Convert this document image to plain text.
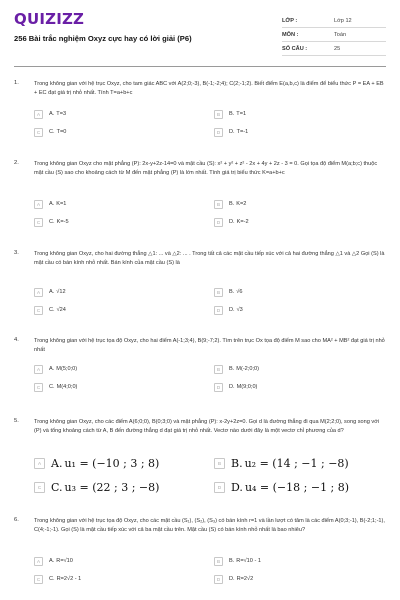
QUIZIZZ
256 Bài trắc nghiệm Oxyz cực hay có lời giải (P6)
LỚP :	Lớp 12
MÔN :	Toán
SỐ CÂU :	25
1.	Trong không gian với hệ trục Oxyz, cho tam giác ABC với A(2;0;-3), B(-1;-2;4); C(2;-1;2). Biết điểm E(a,b,c) là điểm để biểu thức P = EA + EB + EC đạt giá trị nhỏ nhất. Tính T=a+b+c
A	A. T=3	B	B. T=1
C	C. T=0	D	D. T=-1
2.	Trong không gian Oxyz cho mặt phẳng (P): 2x-y+2z-14=0 và mặt cầu (S): x² + y² + z² - 2x + 4y + 2z - 3 = 0. Gọi tọa độ điểm M(a;b;c) thuộc mặt cầu (S) sao cho khoảng cách từ M đến mặt phẳng (P) là lớn nhất. Tính giá trị biểu thức K=a+b+c
A	A. K=1	B	B. K=2
C	C. K=-5	D	D. K=-2
3.	Trong không gian Oxyz, cho hai đường thẳng △1: ... và △2: ... . Trong tất cả các mặt cầu tiếp xúc với cả hai đường thẳng △1 và △2 Gọi (S) là mặt cầu có bán kính nhỏ nhất. Bán kính của mặt cầu (S) là
A	A. √12	B	B. √6
C	C. √24	D	D. √3
4.	Trong không gian với hệ trục tọa độ Oxyz, cho hai điểm A(-1;3;4), B(9;-7;2). Tìm trên trục Ox tọa độ điểm M sao cho MA² + MB² đạt giá trị nhỏ nhất
A	A. M(5;0;0)	B	B. M(-2;0;0)
C	C. M(4;0;0)	D	D. M(9;0;0)
5.	Trong không gian Oxyz, cho các điểm A(6;0;0), B(0;3;0) và mặt phẳng (P): x-2y+2z=0. Gọi d là đường thẳng đi qua M(2;2;0), song song với (P) và tổng khoảng cách từ A, B đến đường thẳng d đạt giá trị nhỏ nhất. Vectơ nào dưới đây là một vectơ chỉ phương của d?
A A. u₁ = (−10 ; 3 ; 8)	B B. u₂ = (14 ; −1 ; −8)
C C. u₃ = (22 ; 3 ; −8)	D D. u₄ = (−18 ; −1 ; 8)
6.	Trong không gian với hệ trục tọa độ Oxyz, cho các mặt cầu (S₁), (S₂), (S₃) có bán kính r=1 và lần lượt có tâm là các điểm A(0;3;-1), B(-2;1;-1), C(4;-1;-1). Gọi (S) là mặt cầu tiếp xúc với cả ba mặt cầu trên. Mặt cầu (S) có bán kính nhỏ nhất là bao nhiêu?
A	A. R=√10	B	B. R=√10 - 1
C	C. R=2√2 - 1	D	D. R=2√2
